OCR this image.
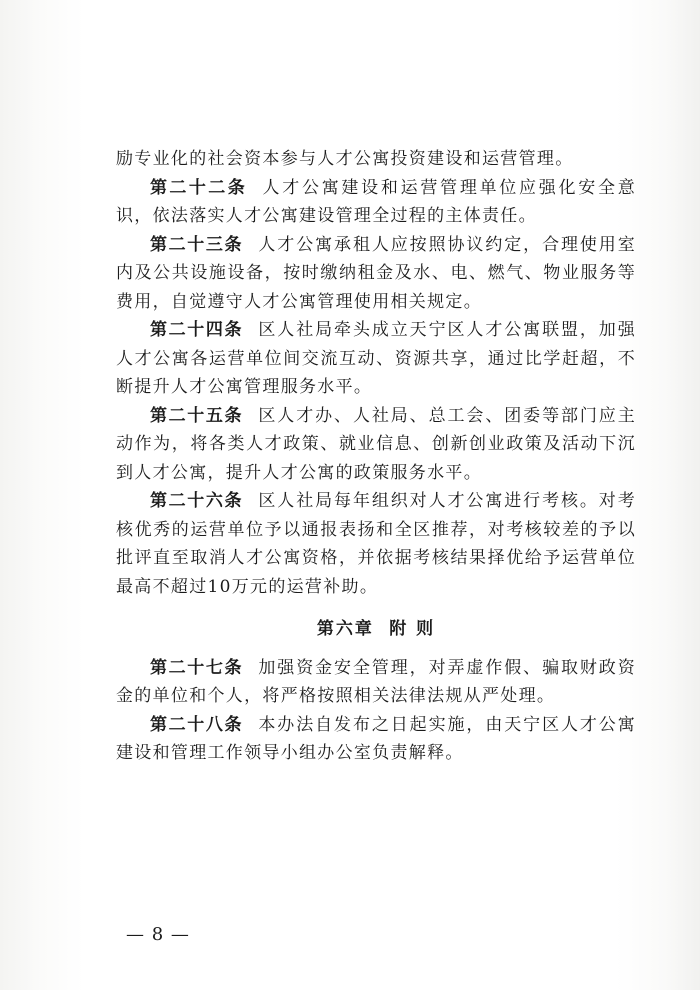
励专业化的社会资本参与人才公寓投资建设和运营管理。

第二十二条 人才公寓建设和运营管理单位应强化安全意识，依法落实人才公寓建设管理全过程的主体责任。

第二十三条 人才公寓承租人应按照协议约定，合理使用室内及公共设施设备，按时缴纳租金及水、电、燃气、物业服务等费用，自觉遵守人才公寓管理使用相关规定。

第二十四条 区人社局牵头成立天宁区人才公寓联盟，加强人才公寓各运营单位间交流互动、资源共享，通过比学赶超，不断提升人才公寓管理服务水平。

第二十五条 区人才办、人社局、总工会、团委等部门应主动作为，将各类人才政策、就业信息、创新创业政策及活动下沉到人才公寓，提升人才公寓的政策服务水平。

第二十六条 区人社局每年组织对人才公寓进行考核。对考核优秀的运营单位予以通报表扬和全区推荐，对考核较差的予以批评直至取消人才公寓资格，并依据考核结果择优给予运营单位最高不超过10万元的运营补助。

第六章 附 则

第二十七条 加强资金安全管理，对弄虚作假、骗取财政资金的单位和个人，将严格按照相关法律法规从严处理。

第二十八条 本办法自发布之日起实施，由天宁区人才公寓建设和管理工作领导小组办公室负责解释。

— 8 —
